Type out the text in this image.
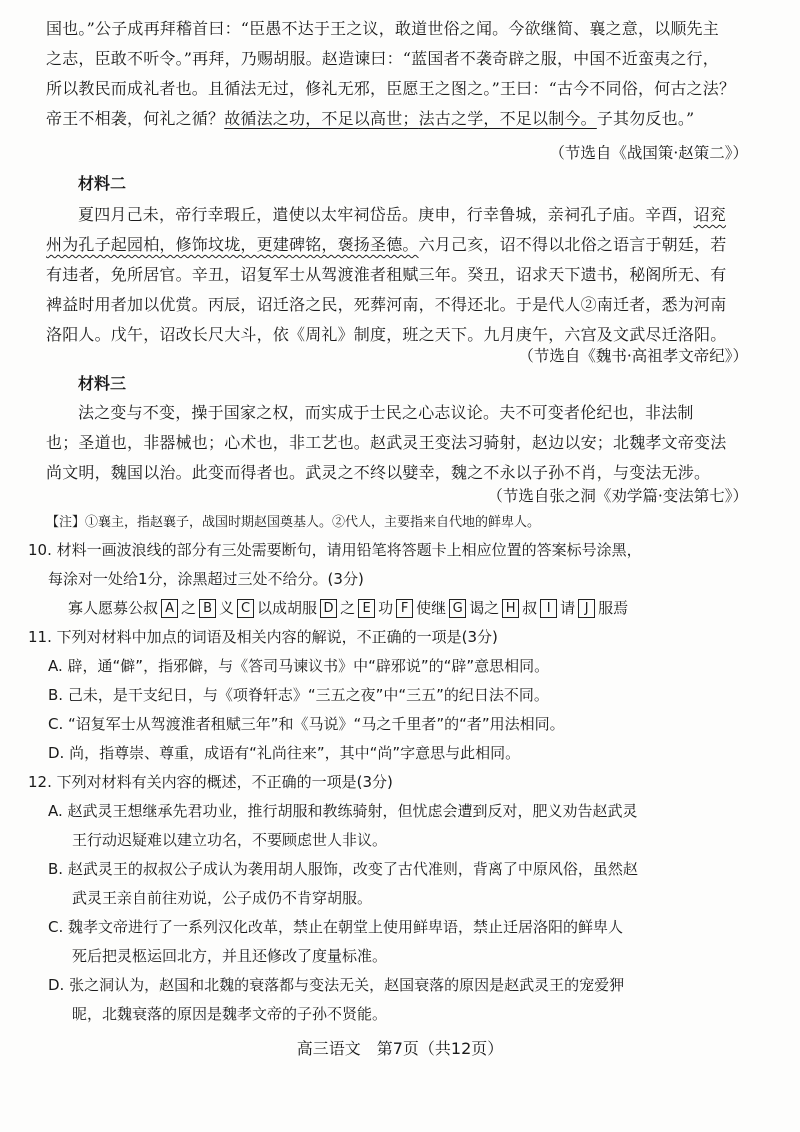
国也。”公子成再拜稽首曰：“臣愚不达于王之议，敢道世俗之闻。今欲继简、襄之意，以顺先主
之志，臣敢不听令。”再拜，乃赐胡服。赵造谏曰：“蓝国者不袭奇辟之服，中国不近蛮夷之行，
所以教民而成礼者也。且循法无过，修礼无邪，臣愿王之图之。”王曰：“古今不同俗，何古之法？
帝王不相袭，何礼之循？故循法之功，不足以高世；法古之学，不足以制今。子其勿反也。”
（节选自《战国策·赵策二》）
材料二
夏四月己未，帝行幸瑕丘，遣使以太牢祠岱岳。庚申，行幸鲁城，亲祠孔子庙。辛酉，诏兖
州为孔子起园柏，修饰坟垅，更建碑铭，褒扬圣德。六月己亥，诏不得以北俗之语言于朝廷，若
有违者，免所居官。辛丑，诏复军士从驾渡淮者租赋三年。癸丑，诏求天下遗书，秘阁所无、有
裨益时用者加以优赏。丙辰，诏迁洛之民，死葬河南，不得还北。于是代人②南迁者，悉为河南
洛阳人。戊午，诏改长尺大斗，依《周礼》制度，班之天下。九月庚午，六宫及文武尽迁洛阳。
（节选自《魏书·高祖孝文帝纪》）
材料三
法之变与不变，操于国家之权，而实成于士民之心志议论。夫不可变者伦纪也，非法制
也；圣道也，非器械也；心术也，非工艺也。赵武灵王变法习骑射，赵边以安；北魏孝文帝变法
尚文明，魏国以治。此变而得者也。武灵之不终以嬖幸，魏之不永以子孙不肖，与变法无涉。
（节选自张之洞《劝学篇·变法第七》）
【注】①襄主，指赵襄子，战国时期赵国奠基人。②代人，主要指来自代地的鲜卑人。
10. 材料一画波浪线的部分有三处需要断句，请用铅笔将答题卡上相应位置的答案标号涂黑，
每涂对一处给1分，涂黑超过三处不给分。(3分)
寡人愿募公叔 A 之 B 义 C 以成胡服 D 之 E 功 F 使继 G 谒之 H 叔 I 请 J 服焉
11. 下列对材料中加点的词语及相关内容的解说，不正确的一项是(3分)
A. 辟，通“僻”，指邪僻，与《答司马谏议书》中“辟邪说”的“辟”意思相同。
B. 己未，是干支纪日，与《项脊轩志》“三五之夜”中“三五”的纪日法不同。
C. “诏复军士从驾渡淮者租赋三年”和《马说》“马之千里者”的“者”用法相同。
D. 尚，指尊崇、尊重，成语有“礼尚往来”，其中“尚”字意思与此相同。
12. 下列对材料有关内容的概述，不正确的一项是(3分)
A. 赵武灵王想继承先君功业，推行胡服和教练骑射，但忧虑会遭到反对，肥义劝告赵武灵
王行动迟疑难以建立功名，不要顾虑世人非议。
B. 赵武灵王的叔叔公子成认为袭用胡人服饰，改变了古代准则，背离了中原风俗，虽然赵
武灵王亲自前往劝说，公子成仍不肯穿胡服。
C. 魏孝文帝进行了一系列汉化改革，禁止在朝堂上使用鲜卑语，禁止迁居洛阳的鲜卑人
死后把灵柩运回北方，并且还修改了度量标准。
D. 张之洞认为，赵国和北魏的衰落都与变法无关，赵国衰落的原因是赵武灵王的宠爱狎
昵，北魏衰落的原因是魏孝文帝的子孙不贤能。
高三语文　第7页（共12页）
